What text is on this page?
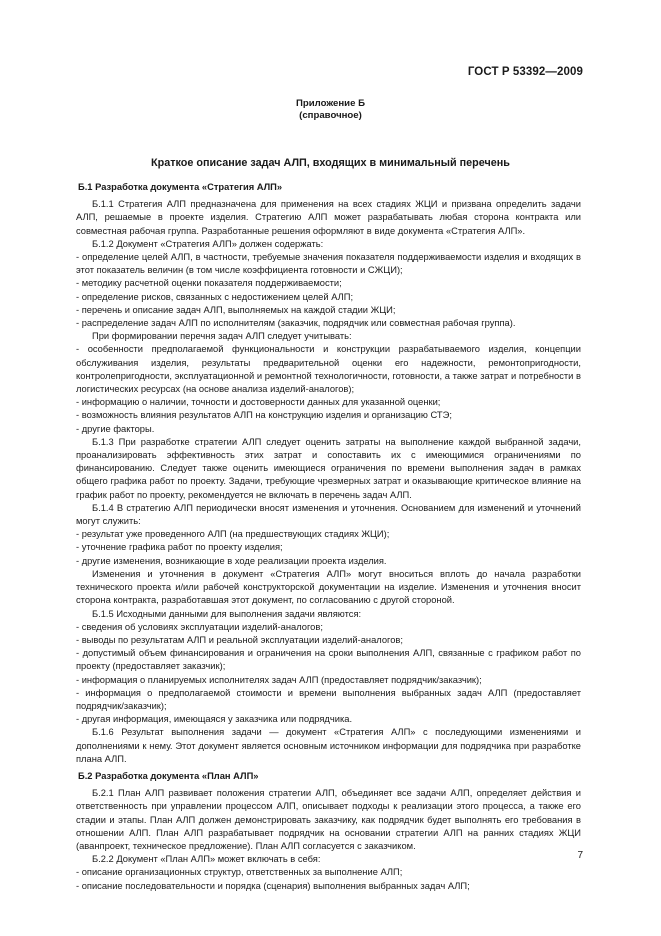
ГОСТ Р 53392—2009
Приложение Б
(справочное)
Краткое описание задач АЛП, входящих в минимальный перечень

Б.1 Разработка документа «Стратегия АЛП»

Б.1.1 Стратегия АЛП предназначена для применения на всех стадиях ЖЦИ и призвана определить задачи АЛП, решаемые в проекте изделия. Стратегию АЛП может разрабатывать любая сторона контракта или совместная рабочая группа. Разработанные решения оформляют в виде документа «Стратегия АЛП».

Б.1.2 Документ «Стратегия АЛП» должен содержать:

- определение целей АЛП, в частности, требуемые значения показателя поддерживаемости изделия и входящих в этот показатель величин (в том числе коэффициента готовности и СЖЦИ);

- методику расчетной оценки показателя поддерживаемости;

- определение рисков, связанных с недостижением целей АЛП;

- перечень и описание задач АЛП, выполняемых на каждой стадии ЖЦИ;

- распределение задач АЛП по исполнителям (заказчик, подрядчик или совместная рабочая группа).

При формировании перечня задач АЛП следует учитывать:

- особенности предполагаемой функциональности и конструкции разрабатываемого изделия, концепции обслуживания изделия, результаты предварительной оценки его надежности, ремонтопригодности, контролепригодности, эксплуатационной и ремонтной технологичности, готовности, а также затрат и потребности в логистических ресурсах (на основе анализа изделий-аналогов);

- информацию о наличии, точности и достоверности данных для указанной оценки;

- возможность влияния результатов АЛП на конструкцию изделия и организацию СТЭ;

- другие факторы.

Б.1.3 При разработке стратегии АЛП следует оценить затраты на выполнение каждой выбранной задачи, проанализировать эффективность этих затрат и сопоставить их с имеющимися ограничениями по финансированию. Следует также оценить имеющиеся ограничения по времени выполнения задач в рамках общего графика работ по проекту. Задачи, требующие чрезмерных затрат и оказывающие критическое влияние на график работ по проекту, рекомендуется не включать в перечень задач АЛП.

Б.1.4 В стратегию АЛП периодически вносят изменения и уточнения. Основанием для изменений и уточнений могут служить:

- результат уже проведенного АЛП (на предшествующих стадиях ЖЦИ);

- уточнение графика работ по проекту изделия;

- другие изменения, возникающие в ходе реализации проекта изделия.

Изменения и уточнения в документ «Стратегия АЛП» могут вноситься вплоть до начала разработки технического проекта и/или рабочей конструкторской документации на изделие. Изменения и уточнения вносит сторона контракта, разработавшая этот документ, по согласованию с другой стороной.

Б.1.5 Исходными данными для выполнения задачи являются:

- сведения об условиях эксплуатации изделий-аналогов;

- выводы по результатам АЛП и реальной эксплуатации изделий-аналогов;

- допустимый объем финансирования и ограничения на сроки выполнения АЛП, связанные с графиком работ по проекту (предоставляет заказчик);

- информация о планируемых исполнителях задач АЛП (предоставляет подрядчик/заказчик);

- информация о предполагаемой стоимости и времени выполнения выбранных задач АЛП (предоставляет подрядчик/заказчик);

- другая информация, имеющаяся у заказчика или подрядчика.

Б.1.6 Результат выполнения задачи — документ «Стратегия АЛП» с последующими изменениями и дополнениями к нему. Этот документ является основным источником информации для подрядчика при разработке плана АЛП.

Б.2 Разработка документа «План АЛП»

Б.2.1 План АЛП развивает положения стратегии АЛП, объединяет все задачи АЛП, определяет действия и ответственность при управлении процессом АЛП, описывает подходы к реализации этого процесса, а также его стадии и этапы. План АЛП должен демонстрировать заказчику, как подрядчик будет выполнять его требования в отношении АЛП. План АЛП разрабатывает подрядчик на основании стратегии АЛП на ранних стадиях ЖЦИ (аванпроект, техническое предложение). План АЛП согласуется с заказчиком.

Б.2.2 Документ «План АЛП» может включать в себя:

- описание организационных структур, ответственных за выполнение АЛП;

- описание последовательности и порядка (сценария) выполнения выбранных задач АЛП;

7
